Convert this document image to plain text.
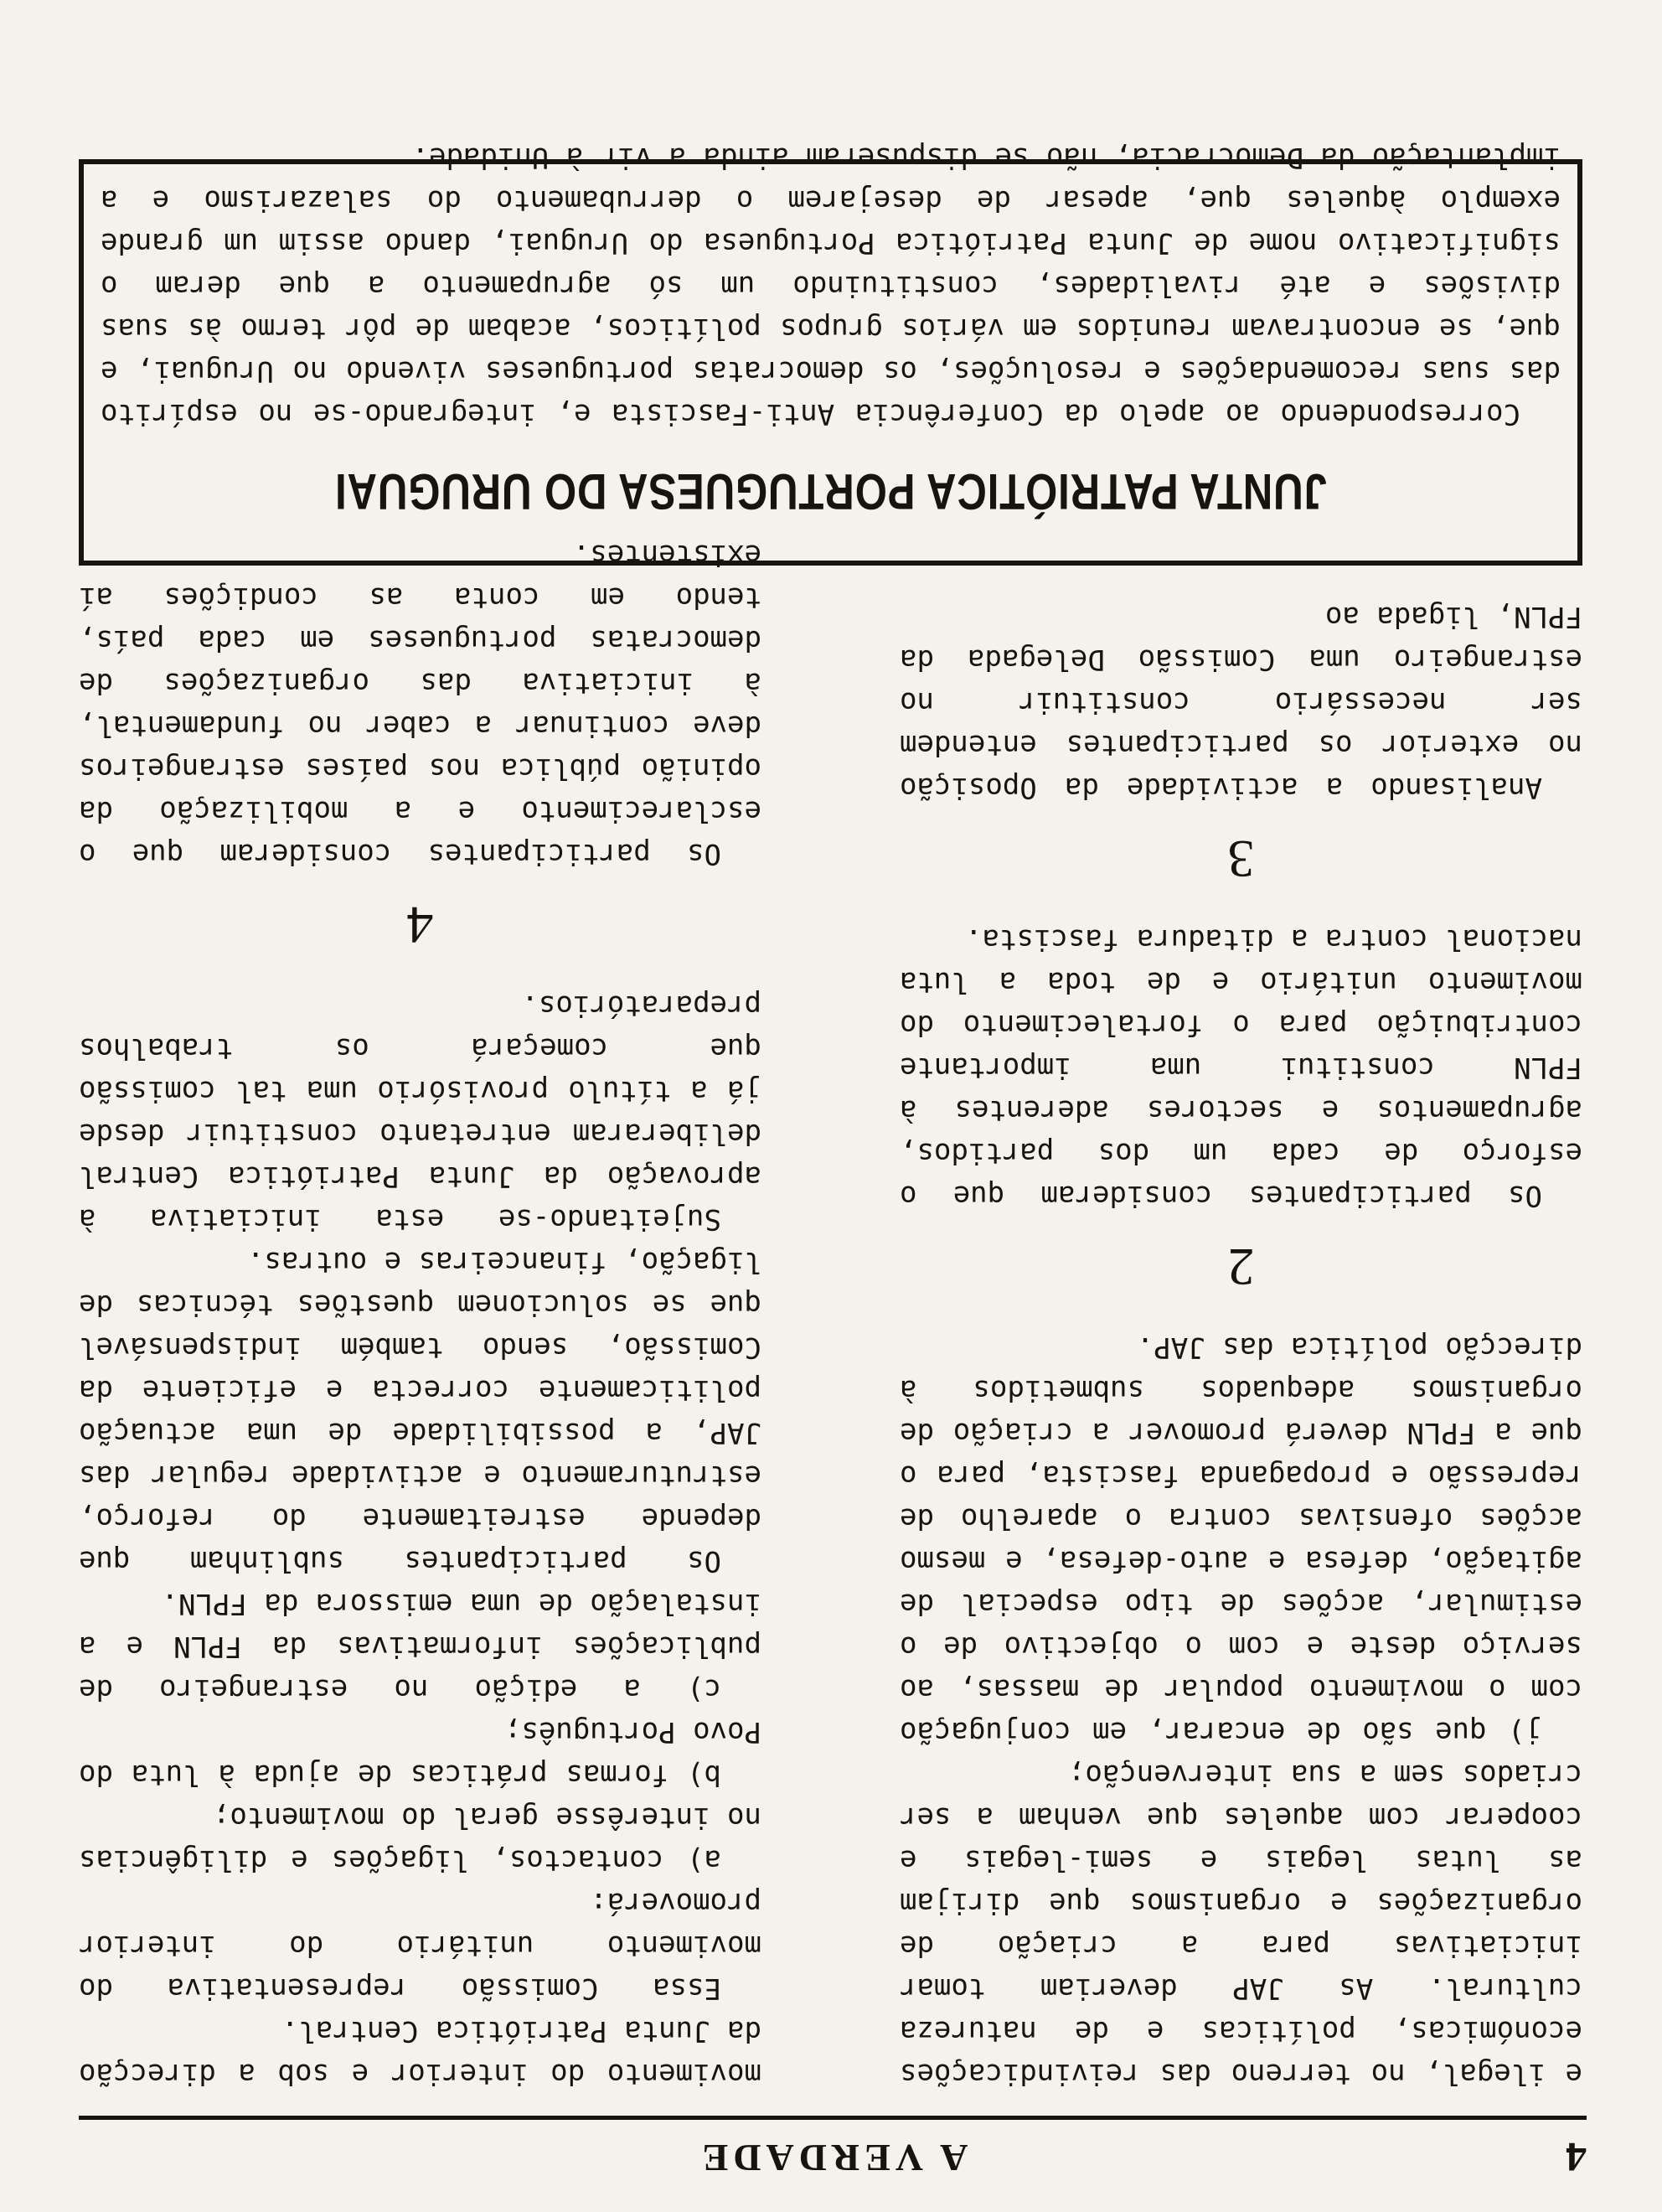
4
A VERDADE

e ilegal, no terreno das reivindicações económicas, políticas e de natureza cultural. As JAP deveriam tomar iniciativas para a criação de organizações e organismos que dirijam as lutas legais e semi-legais e cooperar com aqueles que venham a ser criados sem a sua intervenção;

j) que são de encarar, em conjugação com o movimento popular de massas, ao serviço deste e com o objectivo de o estimular, acções de tipo especial de agitação, defesa e auto-defesa, e mesmo acções ofensivas contra o aparelho de repressão e propaganda fascista, para o que a FPLN deverá promover a criação de organismos adequados submetidos à direcção política das JAP.

2

Os participantes consideram que o esforço de cada um dos partidos, agrupamentos e sectores aderentes à FPLN constitui uma importante contribuição para o fortalecimento do movimento unitário e de toda a luta nacional contra a ditadura fascista.

3

Analisando a actividade da Oposição no exterior os participantes entendem ser necessário constituir no estrangeiro uma Comissão Delegada da FPLN, ligada ao

movimento do interior e sob a direcção da Junta Patriótica Central.

Essa Comissão representativa do movimento unitário do interior promoverá:

a) contactos, ligações e diligências no interêsse geral do movimento;

b) formas práticas de ajuda à luta do Povo Português;

c) a edição no estrangeiro de publicações informativas da FPLN e a instalação de uma emissora da FPLN.

Os participantes sublinham que depende estreitamente do reforço, estruturamento e actividade regular das JAP, a possibilidade de uma actuação politicamente correcta e eficiente da Comissão, sendo também indispensável que se solucionem questões técnicas de ligação, financeiras e outras.

Sujeitando-se esta iniciativa à aprovação da Junta Patriótica Central deliberaram entretanto constituir desde já a título provisório uma tal comissão que começará os trabalhos preparatórios.

4

Os participantes consideram que o esclarecimento e a mobilização da opinião pública nos países estrangeiros deve continuar a caber no fundamental, à iniciativa das organizações de democratas portugueses em cada país, tendo em conta as condições aí existentes.

JUNTA PATRIÓTICA PORTUGUESA DO URUGUAI

Correspondendo ao apelo da Conferência Anti-Fascista e, integrando-se no espírito das suas recomendações e resoluções, os democratas portugueses vivendo no Uruguai, e que, se encontravam reunidos em vários grupos políticos, acabam de pôr termo às suas divisões e até rivalidades, constituindo um só agrupamento a que deram o significativo nome de Junta Patriótica Portuguesa do Uruguai, dando assim um grande exemplo àqueles que, apesar de desejarem o derrubamento do salazarismo e a implantação da Democracia, não se dispuseram ainda a vir à Unidade.
